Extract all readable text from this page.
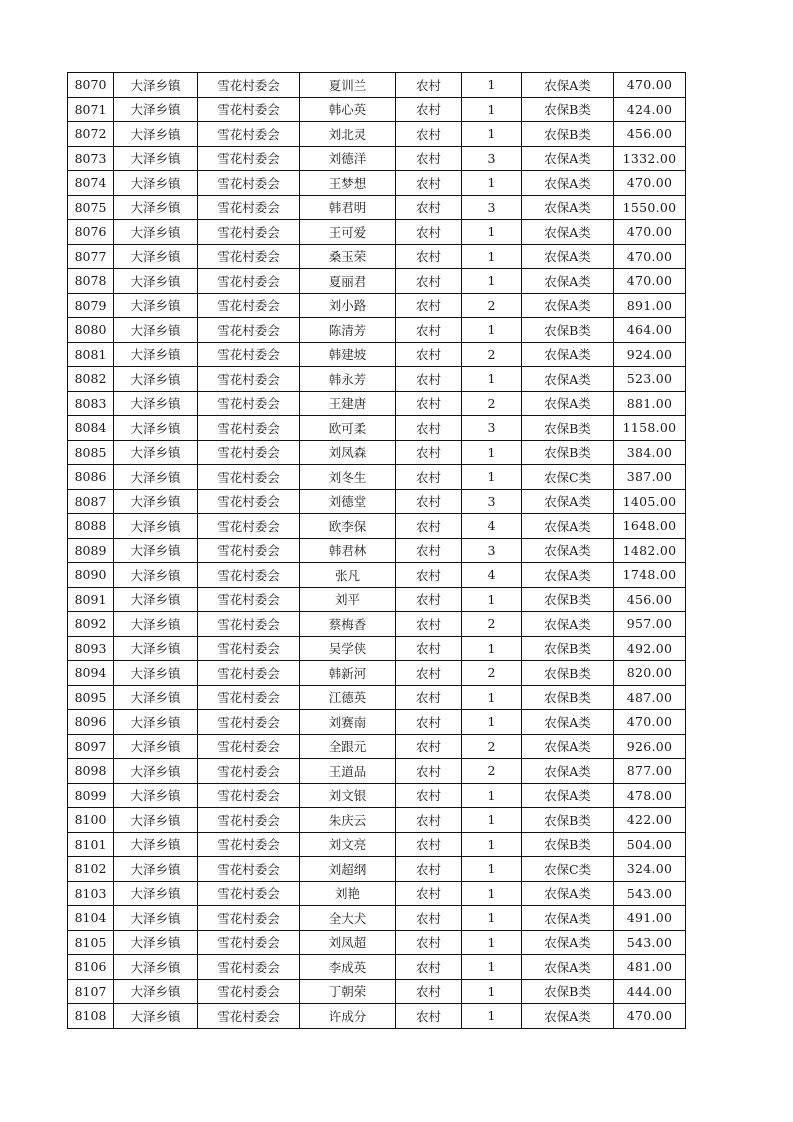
8070	大泽乡镇	雪花村委会	夏训兰	农村	1	农保A类	470.00
8071	大泽乡镇	雪花村委会	韩心英	农村	1	农保B类	424.00
8072	大泽乡镇	雪花村委会	刘北灵	农村	1	农保B类	456.00
8073	大泽乡镇	雪花村委会	刘德洋	农村	3	农保A类	1332.00
8074	大泽乡镇	雪花村委会	王梦想	农村	1	农保A类	470.00
8075	大泽乡镇	雪花村委会	韩君明	农村	3	农保A类	1550.00
8076	大泽乡镇	雪花村委会	王可爱	农村	1	农保A类	470.00
8077	大泽乡镇	雪花村委会	桑玉荣	农村	1	农保A类	470.00
8078	大泽乡镇	雪花村委会	夏丽君	农村	1	农保A类	470.00
8079	大泽乡镇	雪花村委会	刘小路	农村	2	农保A类	891.00
8080	大泽乡镇	雪花村委会	陈清芳	农村	1	农保B类	464.00
8081	大泽乡镇	雪花村委会	韩建坡	农村	2	农保A类	924.00
8082	大泽乡镇	雪花村委会	韩永芳	农村	1	农保A类	523.00
8083	大泽乡镇	雪花村委会	王建唐	农村	2	农保A类	881.00
8084	大泽乡镇	雪花村委会	欧可柔	农村	3	农保B类	1158.00
8085	大泽乡镇	雪花村委会	刘凤森	农村	1	农保B类	384.00
8086	大泽乡镇	雪花村委会	刘冬生	农村	1	农保C类	387.00
8087	大泽乡镇	雪花村委会	刘德堂	农村	3	农保A类	1405.00
8088	大泽乡镇	雪花村委会	欧李保	农村	4	农保A类	1648.00
8089	大泽乡镇	雪花村委会	韩君林	农村	3	农保A类	1482.00
8090	大泽乡镇	雪花村委会	张凡	农村	4	农保A类	1748.00
8091	大泽乡镇	雪花村委会	刘平	农村	1	农保B类	456.00
8092	大泽乡镇	雪花村委会	蔡梅香	农村	2	农保A类	957.00
8093	大泽乡镇	雪花村委会	吴学侠	农村	1	农保B类	492.00
8094	大泽乡镇	雪花村委会	韩新河	农村	2	农保B类	820.00
8095	大泽乡镇	雪花村委会	江德英	农村	1	农保B类	487.00
8096	大泽乡镇	雪花村委会	刘赛南	农村	1	农保A类	470.00
8097	大泽乡镇	雪花村委会	全跟元	农村	2	农保A类	926.00
8098	大泽乡镇	雪花村委会	王道品	农村	2	农保A类	877.00
8099	大泽乡镇	雪花村委会	刘文银	农村	1	农保A类	478.00
8100	大泽乡镇	雪花村委会	朱庆云	农村	1	农保B类	422.00
8101	大泽乡镇	雪花村委会	刘文亮	农村	1	农保B类	504.00
8102	大泽乡镇	雪花村委会	刘超纲	农村	1	农保C类	324.00
8103	大泽乡镇	雪花村委会	刘艳	农村	1	农保A类	543.00
8104	大泽乡镇	雪花村委会	全大犬	农村	1	农保A类	491.00
8105	大泽乡镇	雪花村委会	刘凤超	农村	1	农保A类	543.00
8106	大泽乡镇	雪花村委会	李成英	农村	1	农保A类	481.00
8107	大泽乡镇	雪花村委会	丁朝荣	农村	1	农保B类	444.00
8108	大泽乡镇	雪花村委会	许成分	农村	1	农保A类	470.00
